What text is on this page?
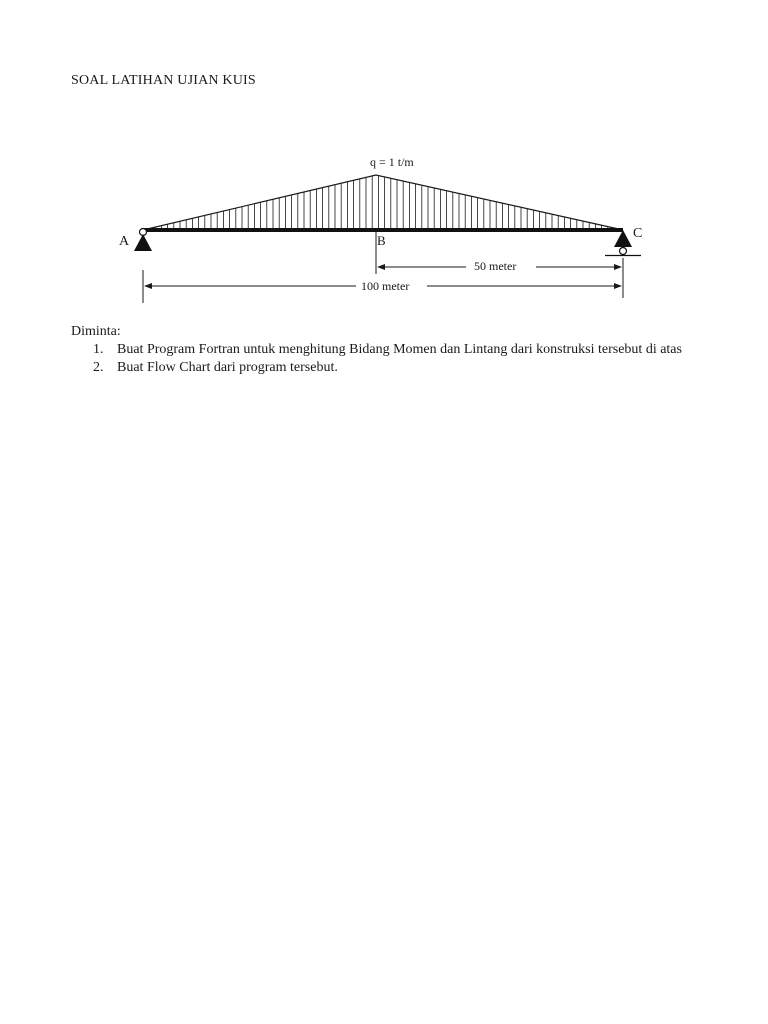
SOAL LATIHAN UJIAN KUIS
q = 1 t/m
A
C
B
50 meter
100 meter

Diminta:

1. Buat Program Fortran untuk menghitung Bidang Momen dan Lintang dari konstruksi tersebut di atas
2. Buat Flow Chart dari program tersebut.
